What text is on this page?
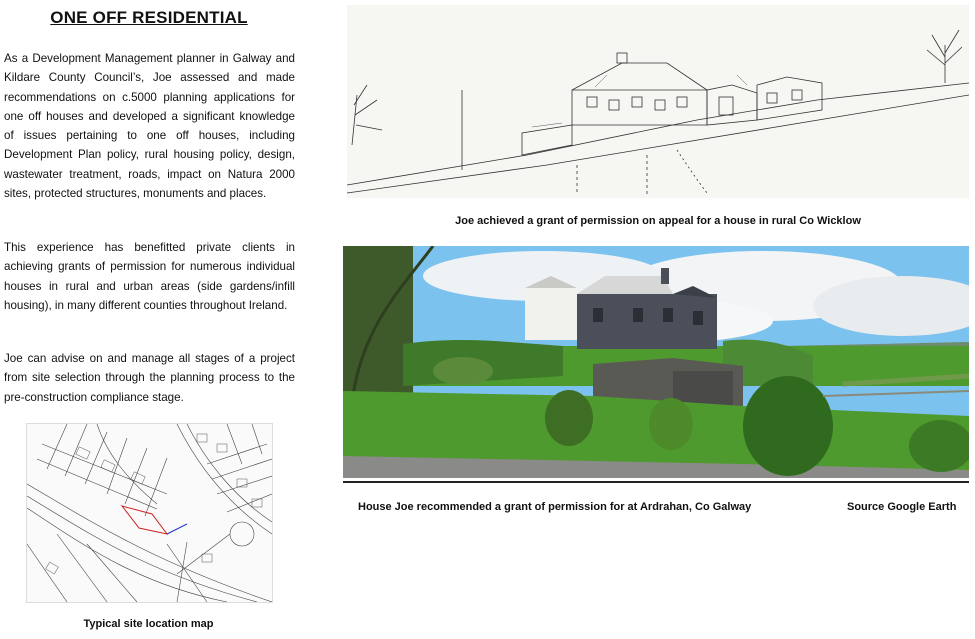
ONE OFF RESIDENTIAL

As a Development Management planner in Galway and Kildare County Council’s, Joe assessed and made recommendations on c.5000 planning applications for one off houses and developed a significant knowledge of issues pertaining to one off houses, including Development Plan policy, rural housing policy, design, wastewater treatment, roads, impact on Natura 2000 sites, protected structures, monuments and places.

This experience has benefitted private clients in achieving grants of permission for numerous individual houses in rural and urban areas (side gardens/infill housing), in many different counties throughout Ireland.

Joe can advise on and manage all stages of a project from site selection through the planning process to the pre-construction compliance stage.

Typical site location map
Joe achieved a grant of permission on appeal for a house in rural Co Wicklow
House Joe recommended a grant of permission for at Ardrahan, Co Galway	Source Google Earth
